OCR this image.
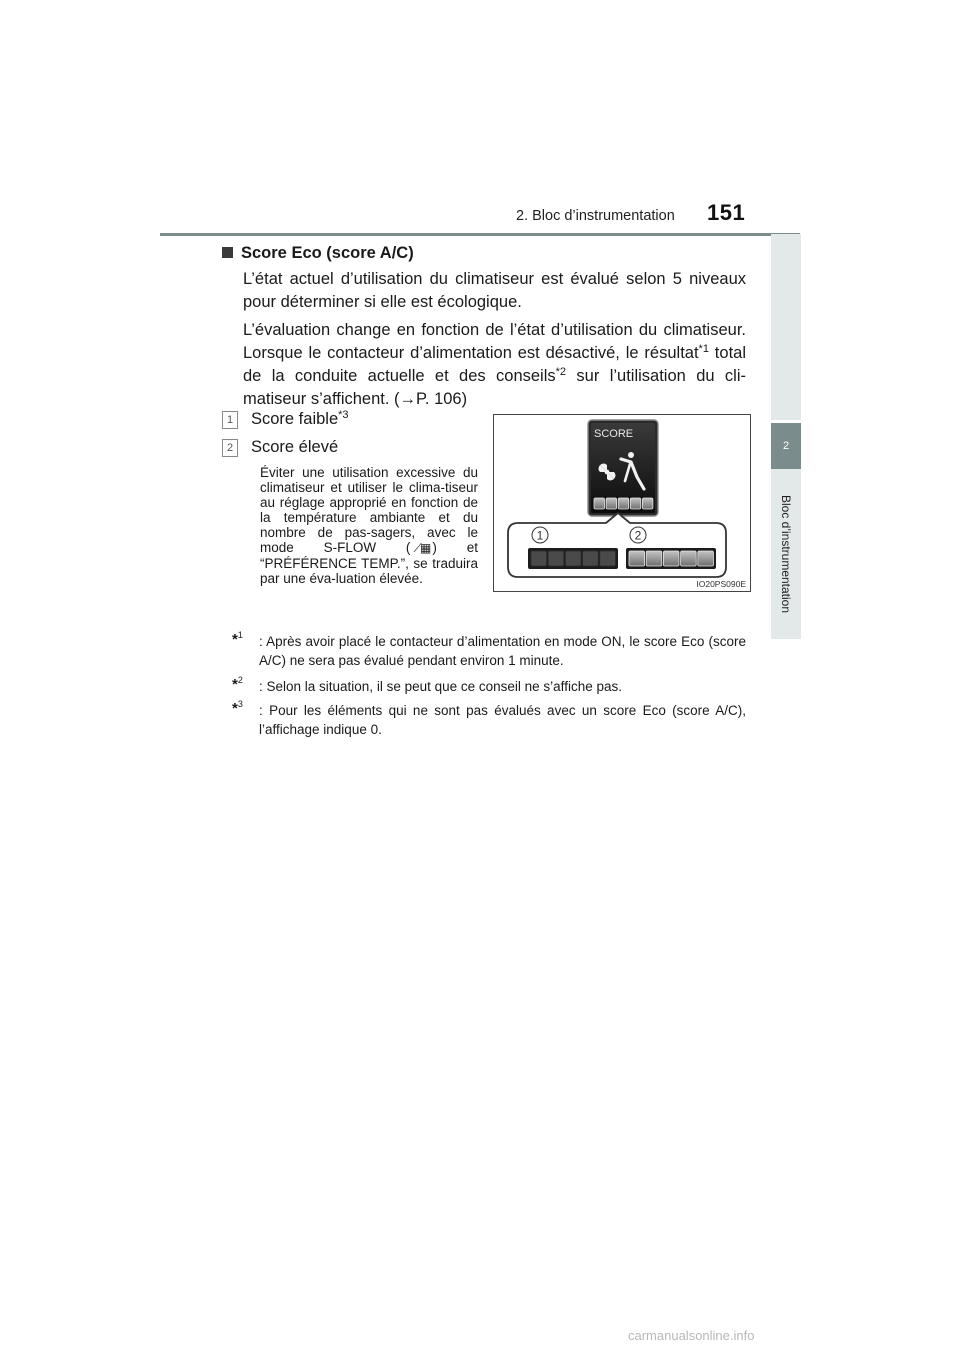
2. Bloc d’instrumentation 151
2
Bloc d’instrumentation
Score Eco (score A/C)
L’état actuel d’utilisation du climatiseur est évalué selon 5 niveaux pour déterminer si elle est écologique.
L’évaluation change en fonction de l’état d’utilisation du climatiseur. Lorsque le contacteur d’alimentation est désactivé, le résultat$^{*1}$ total de la conduite actuelle et des conseils$^{*2}$ sur l’utilisation du cli-matiseur s’affichent. (→P. 106)
1 Score faible$^{*3}$
2 Score élevé
Éviter une utilisation excessive du climatiseur et utiliser le clima-tiseur au réglage approprié en fonction de la température ambiante et du nombre de pas-sagers, avec le mode S-FLOW ( ⟋▦ ) et “PRÉFÉRENCE TEMP.”, se traduira par une éva-luation élevée.
SCORE
1	2
IO20PS090E
*$^1$	: Après avoir placé le contacteur d’alimentation en mode ON, le score Eco (score A/C) ne sera pas évalué pendant environ 1 minute.
*$^2$	: Selon la situation, il se peut que ce conseil ne s’affiche pas.
*$^3$	: Pour les éléments qui ne sont pas évalués avec un score Eco (score A/C), l’affichage indique 0.
carmanualsonline.info
